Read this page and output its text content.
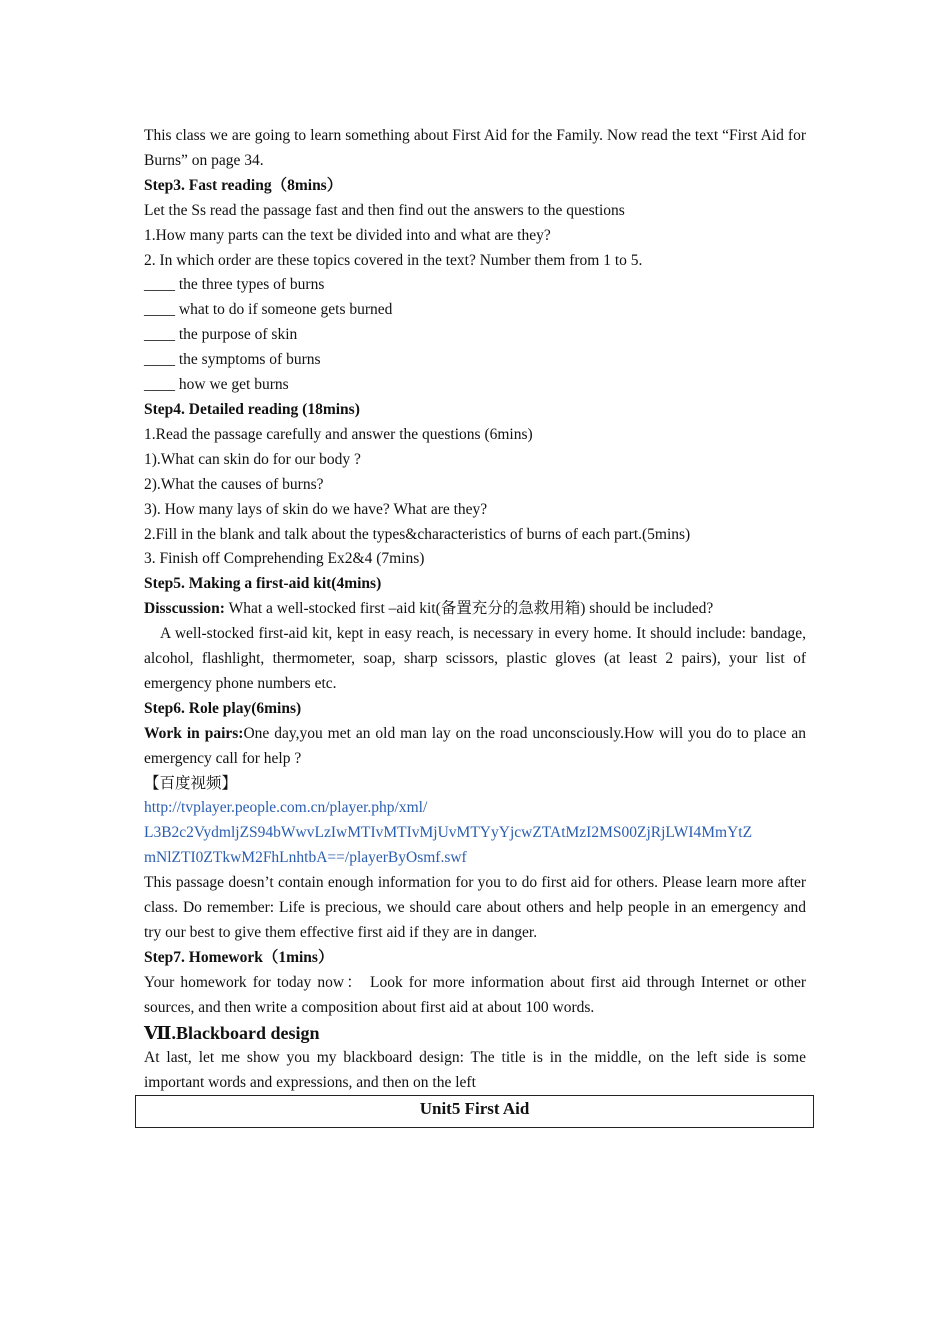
This class we are going to learn something about First Aid for the Family. Now read the text “First Aid for Burns” on page 34.
Step3. Fast reading（8mins）
Let the Ss read the passage fast and then find out the answers to the questions
1.How many parts can the text be divided into and what are they?
2. In which order are these topics covered in the text? Number them from 1 to 5.
____ the three types of burns
____ what to do if someone gets burned
____ the purpose of skin
____ the symptoms of burns
____ how we get burns
Step4. Detailed reading (18mins)
1.Read the passage carefully and answer the questions (6mins)
1).What can skin do for our body ?
2).What the causes of burns?
3). How many lays of skin do we have? What are they?
2.Fill in the blank and talk about the types&characteristics of burns of each part.(5mins)
3. Finish off Comprehending Ex2&4 (7mins)
Step5. Making a first-aid kit(4mins)
Disscussion: What a well-stocked first –aid kit(备置充分的急救用箱) should be included?
A well-stocked first-aid kit, kept in easy reach, is necessary in every home. It should include: bandage, alcohol, flashlight, thermometer, soap, sharp scissors, plastic gloves (at least 2 pairs), your list of emergency phone numbers etc.
Step6. Role play(6mins)
Work in pairs:One day,you met an old man lay on the road unconsciously.How will you do to place an emergency call for help ?
【百度视频】
http://tvplayer.people.com.cn/player.php/xml/
L3B2c2VydmljZS94bWwvLzIwMTIvMTIvMjUvMTYyYjcwZTAtMzI2MS00ZjRjLWI4MmYtZ
mNlZTI0ZTkwM2FhLnhtbA==/playerByOsmf.swf
This passage doesn’t contain enough information for you to do first aid for others. Please learn more after class. Do remember: Life is precious, we should care about others and help people in an emergency and try our best to give them effective first aid if they are in danger.
Step7. Homework（1mins）
Your homework for today now： Look for more information about first aid through Internet or other sources, and then write a composition about first aid at about 100 words.
Ⅶ.Blackboard design
At last, let me show you my blackboard design: The title is in the middle, on the left side is some important words and expressions, and then on the left
Unit5 First Aid
